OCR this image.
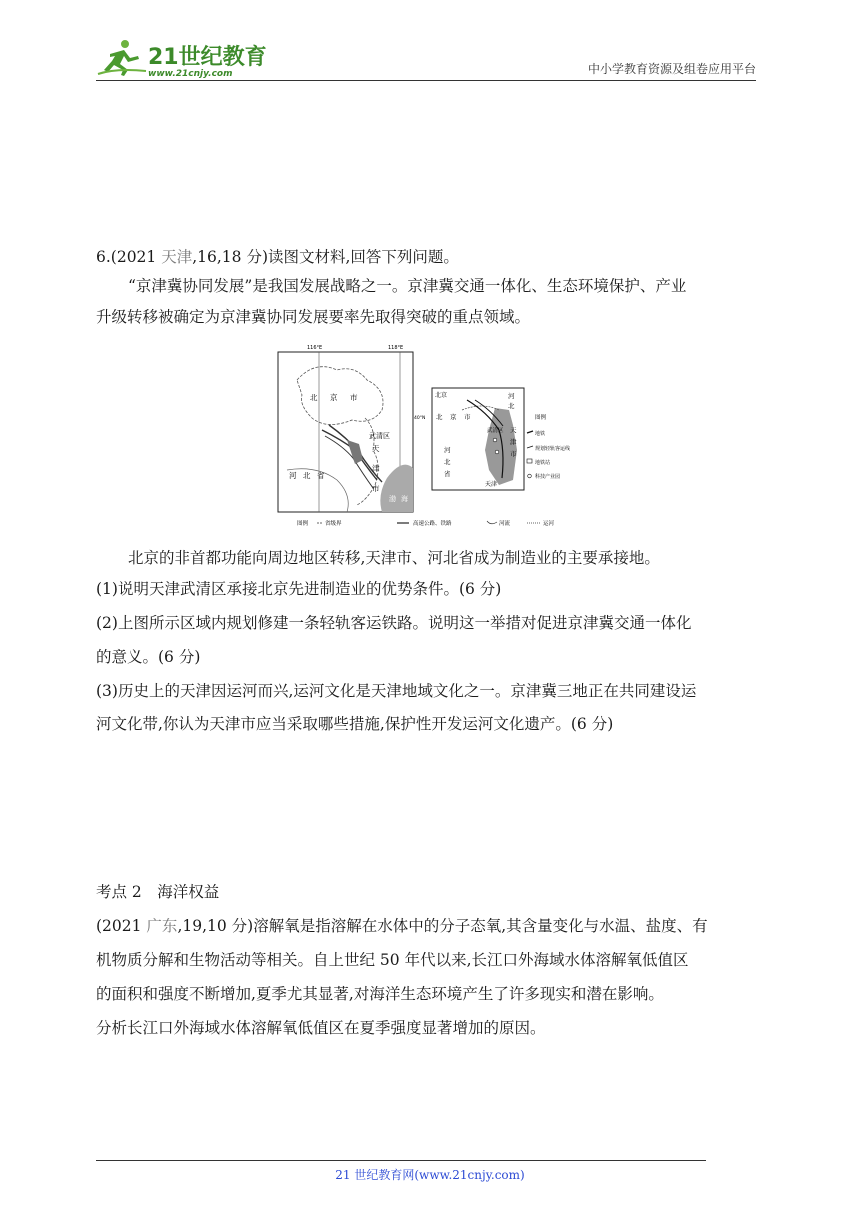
21世纪教育
www.21cnjy.com	中小学教育资源及组卷应用平台
6.(2021 天津,16,18 分)读图文材料,回答下列问题。
“京津冀协同发展”是我国发展战略之一。京津冀交通一体化、生态环境保护、产业
升级转移被确定为京津冀协同发展要率先取得突破的重点领域。
116°E	118°E
北 京 市
武清区
天
津
市
河 北 省
渤 海
40°N
北京
北 京 市
河
北
河
北
省
天
津
市
武清区
天津
图例
地铁
规划轻轨客运线
地铁站
科技产业园
图例	省级界	高速公路、铁路	河流	运河
北京的非首都功能向周边地区转移,天津市、河北省成为制造业的主要承接地。
(1)说明天津武清区承接北京先进制造业的优势条件。(6 分)
(2)上图所示区域内规划修建一条轻轨客运铁路。说明这一举措对促进京津冀交通一体化
的意义。(6 分)
(3)历史上的天津因运河而兴,运河文化是天津地域文化之一。京津冀三地正在共同建设运
河文化带,你认为天津市应当采取哪些措施,保护性开发运河文化遗产。(6 分)
考点 2　海洋权益
(2021 广东,19,10 分)溶解氧是指溶解在水体中的分子态氧,其含量变化与水温、盐度、有
机物质分解和生物活动等相关。自上世纪 50 年代以来,长江口外海域水体溶解氧低值区
的面积和强度不断增加,夏季尤其显著,对海洋生态环境产生了许多现实和潜在影响。
分析长江口外海域水体溶解氧低值区在夏季强度显著增加的原因。
21 世纪教育网(www.21cnjy.com)
